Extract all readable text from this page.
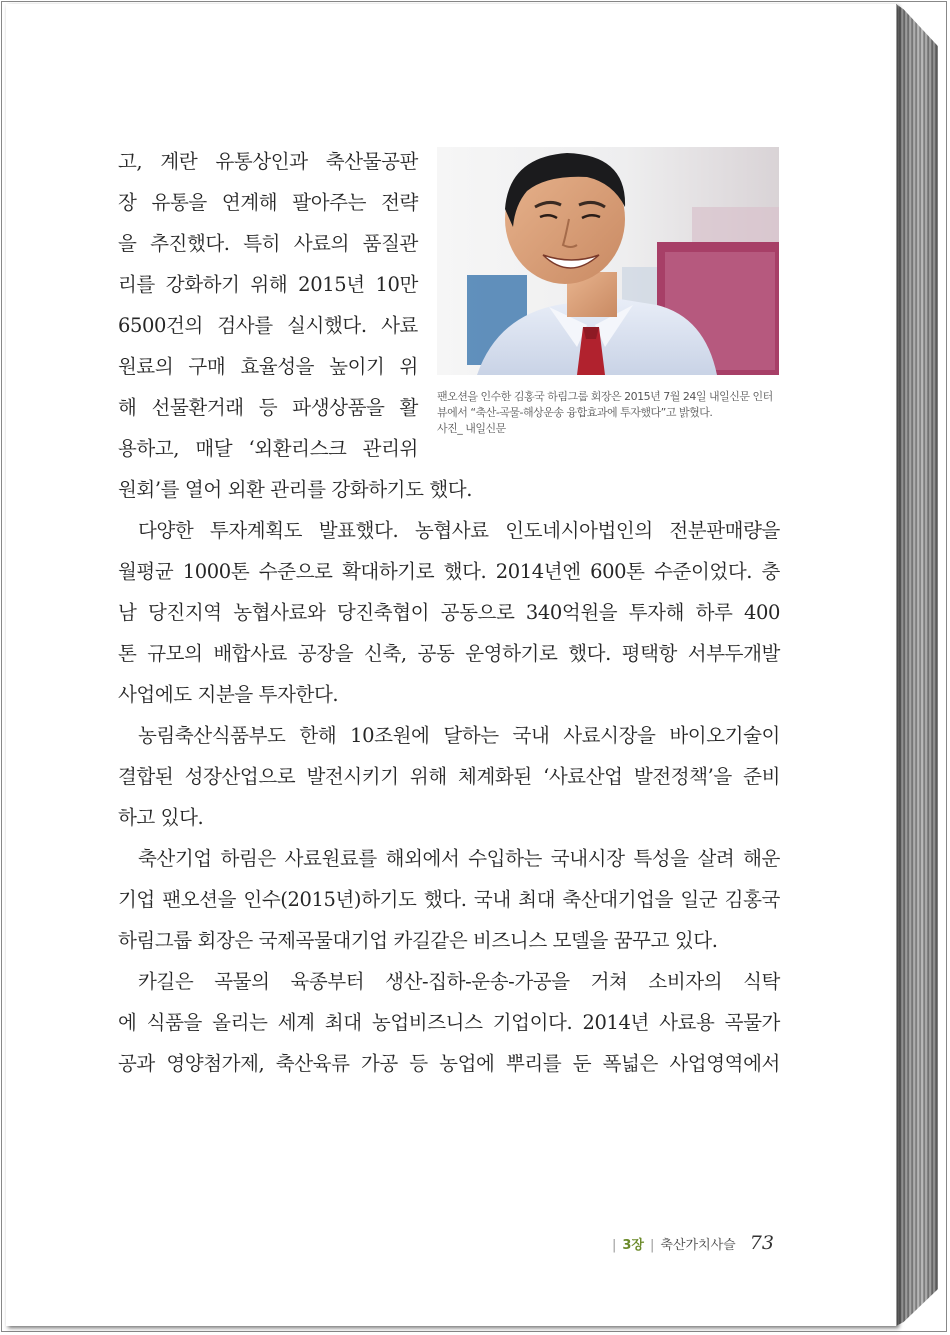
고, 계란 유통상인과 축산물공판
장 유통을 연계해 팔아주는 전략
을 추진했다. 특히 사료의 품질관
리를 강화하기 위해 2015년 10만
6500건의 검사를 실시했다. 사료
원료의 구매 효율성을 높이기 위
해 선물환거래 등 파생상품을 활
용하고, 매달 ‘외환리스크 관리위
원회’를 열어 외환 관리를 강화하기도 했다.
다양한 투자계획도 발표했다. 농협사료 인도네시아법인의 전분판매량을
월평균 1000톤 수준으로 확대하기로 했다. 2014년엔 600톤 수준이었다. 충
남 당진지역 농협사료와 당진축협이 공동으로 340억원을 투자해 하루 400
톤 규모의 배합사료 공장을 신축, 공동 운영하기로 했다. 평택항 서부두개발
사업에도 지분을 투자한다.
농림축산식품부도 한해 10조원에 달하는 국내 사료시장을 바이오기술이
결합된 성장산업으로 발전시키기 위해 체계화된 ‘사료산업 발전정책’을 준비
하고 있다.
축산기업 하림은 사료원료를 해외에서 수입하는 국내시장 특성을 살려 해운
기업 팬오션을 인수(2015년)하기도 했다. 국내 최대 축산대기업을 일군 김홍국
하림그룹 회장은 국제곡물대기업 카길같은 비즈니스 모델을 꿈꾸고 있다.
카길은 곡물의 육종부터 생산-집하-운송-가공을 거쳐 소비자의 식탁
에 식품을 올리는 세계 최대 농업비즈니스 기업이다. 2014년 사료용 곡물가
공과 영양첨가제, 축산육류 가공 등 농업에 뿌리를 둔 폭넓은 사업영역에서
팬오션을 인수한 김홍국 하림그룹 회장은 2015년 7월 24일 내일신문 인터
뷰에서 “축산-곡물-해상운송 융합효과에 투자했다”고 밝혔다.
사진_ 내일신문
| 3장 | 축산가치사슬 73
